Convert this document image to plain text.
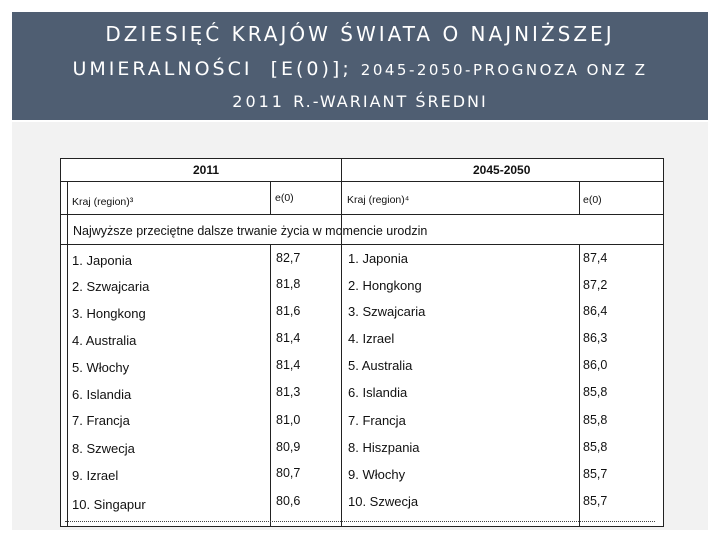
DZIESIĘĆ KRAJÓW ŚWIATA O NAJNIŻSZEJ
UMIERALNOŚCI [E(0)]; 2045-2050-PROGNOZA ONZ Z
2011 R.-WARIANT ŚREDNI
2011	2045-2050
Kraj (region)³	e(0)	Kraj (region)⁴	e(0)
Najwyższe przeciętne dalsze trwanie życia w momencie urodzin
1. Japonia	82,7	1. Japonia	87,4
2. Szwajcaria	81,8	2. Hongkong	87,2
3. Hongkong	81,6	3. Szwajcaria	86,4
4. Australia	81,4	4. Izrael	86,3
5. Włochy	81,4	5. Australia	86,0
6. Islandia	81,3	6. Islandia	85,8
7. Francja	81,0	7. Francja	85,8
8. Szwecja	80,9	8. Hiszpania	85,8
9. Izrael	80,7	9. Włochy	85,7
10. Singapur	80,6	10. Szwecja	85,7
